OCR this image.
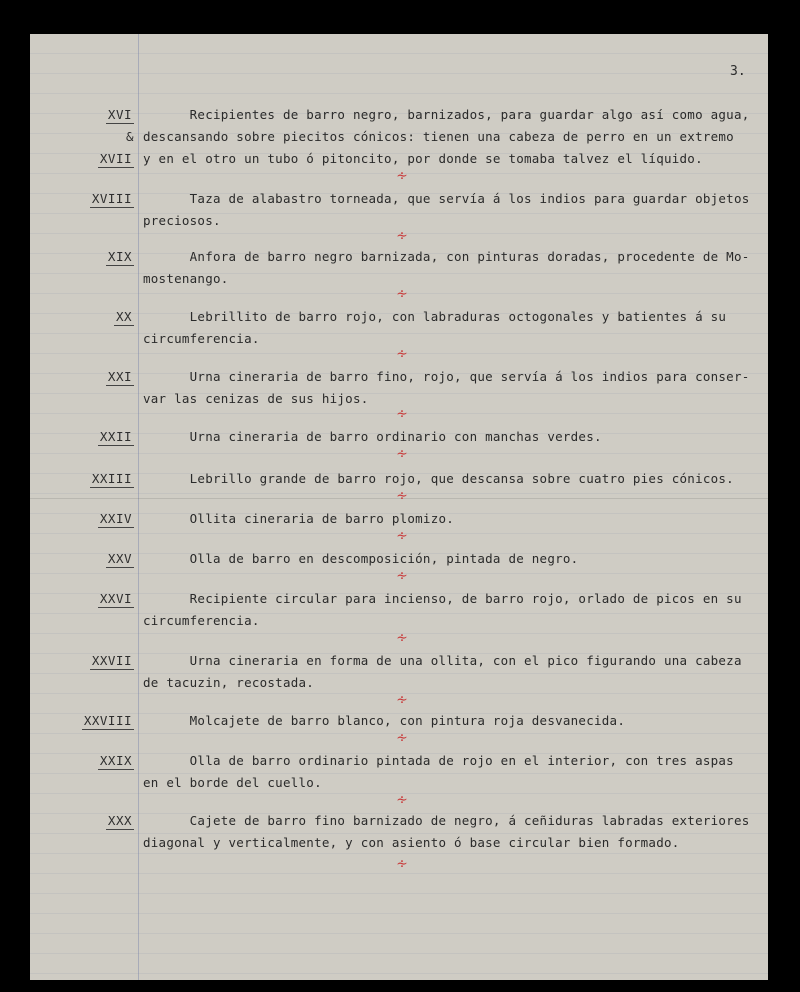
3.
XVI
&
XVII
Recipientes de barro negro, barnizados, para guardar algo así como agua,
descansando sobre piecitos cónicos: tienen una cabeza de perro en un extremo
y en el otro un tubo ó pitoncito, por donde se tomaba talvez el líquido.
∻
XVIII Taza de alabastro torneada, que servía á los indios para guardar objetos
preciosos.
∻
XIX Anfora de barro negro barnizada, con pinturas doradas, procedente de Mo-
mostenango.
∻
XX Lebrillito de barro rojo, con labraduras octogonales y batientes á su
circumferencia.
∻
XXI Urna cineraria de barro fino, rojo, que servía á los indios para conser-
var las cenizas de sus hijos.
∻
XXII Urna cineraria de barro ordinario con manchas verdes.
∻
XXIII Lebrillo grande de barro rojo, que descansa sobre cuatro pies cónicos.
∻
XXIV Ollita cineraria de barro plomizo.
∻
XXV Olla de barro en descomposición, pintada de negro.
∻
XXVI Recipiente circular para incienso, de barro rojo, orlado de picos en su
circumferencia.
∻
XXVII Urna cineraria en forma de una ollita, con el pico figurando una cabeza
de tacuzin, recostada.
∻
XXVIII Molcajete de barro blanco, con pintura roja desvanecida.
∻
XXIX Olla de barro ordinario pintada de rojo en el interior, con tres aspas
en el borde del cuello.
∻
XXX Cajete de barro fino barnizado de negro, á ceñiduras labradas exteriores
diagonal y verticalmente, y con asiento ó base circular bien formado.
∻
